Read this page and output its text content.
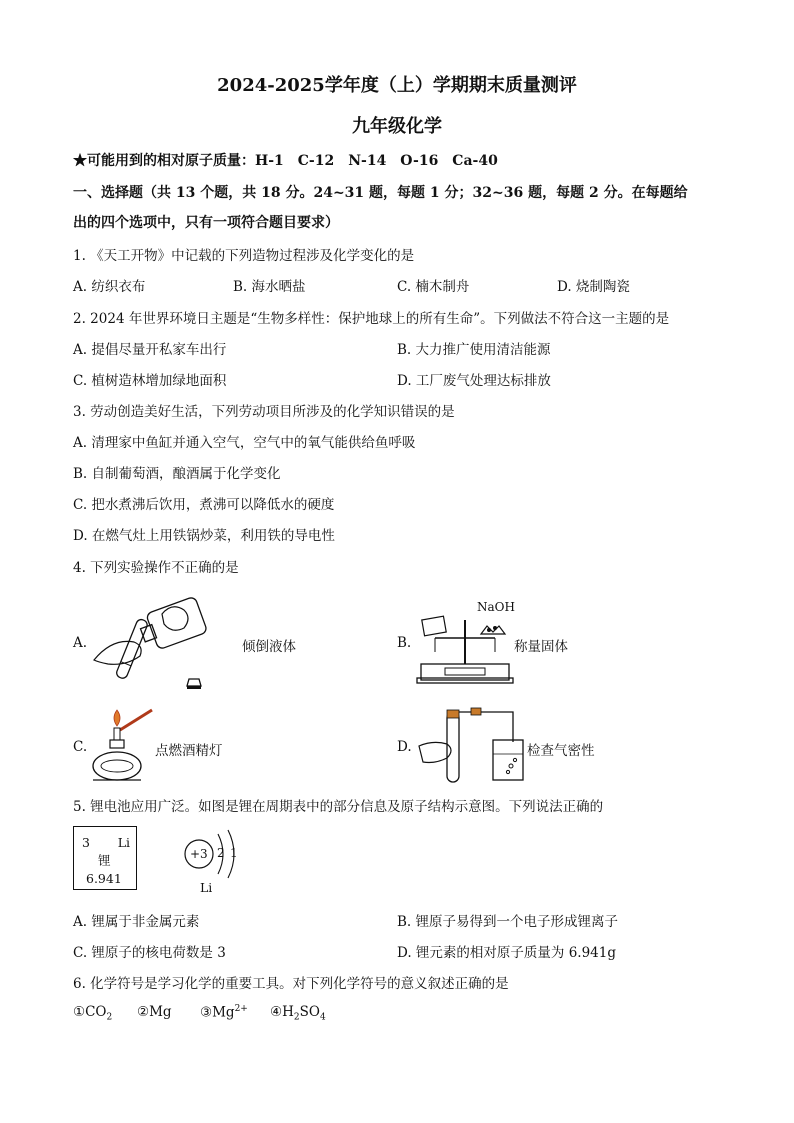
2024-2025学年度（上）学期期末质量测评
九年级化学
★可能用到的相对原子质量：H-1　C-12　N-14　O-16　Ca-40
一、选择题（共 13 个题，共 18 分。24~31 题，每题 1 分；32~36 题，每题 2 分。在每题给
出的四个选项中，只有一项符合题目要求）
1. 《天工开物》中记载的下列造物过程涉及化学变化的是
A. 纺织衣布	B. 海水晒盐	C. 楠木制舟	D. 烧制陶瓷
2. 2024 年世界环境日主题是“生物多样性：保护地球上的所有生命”。下列做法不符合这一主题的是
A. 提倡尽量开私家车出行	B. 大力推广使用清洁能源
C. 植树造林增加绿地面积	D. 工厂废气处理达标排放
3. 劳动创造美好生活，下列劳动项目所涉及的化学知识错误的是
A. 清理家中鱼缸并通入空气，空气中的氧气能供给鱼呼吸
B. 自制葡萄酒，酿酒属于化学变化
C. 把水煮沸后饮用，煮沸可以降低水的硬度
D. 在燃气灶上用铁锅炒菜，利用铁的导电性
4. 下列实验操作不正确的是
A.	倾倒液体	B.
NaOH
称量固体
C.	点燃酒精灯	D.	检查气密性
5. 锂电池应用广泛。如图是锂在周期表中的部分信息及原子结构示意图。下列说法正确的
3 Li
锂
6.941
+3 2 1
Li
A. 锂属于非金属元素	B. 锂原子易得到一个电子形成锂离子
C. 锂原子的核电荷数是 3	D. 锂元素的相对原子质量为 6.941g
6. 化学符号是学习化学的重要工具。对下列化学符号的意义叙述正确的是
$①CO_2$ ②Mg $③Mg^{2+}$ $④H_2SO_4$
